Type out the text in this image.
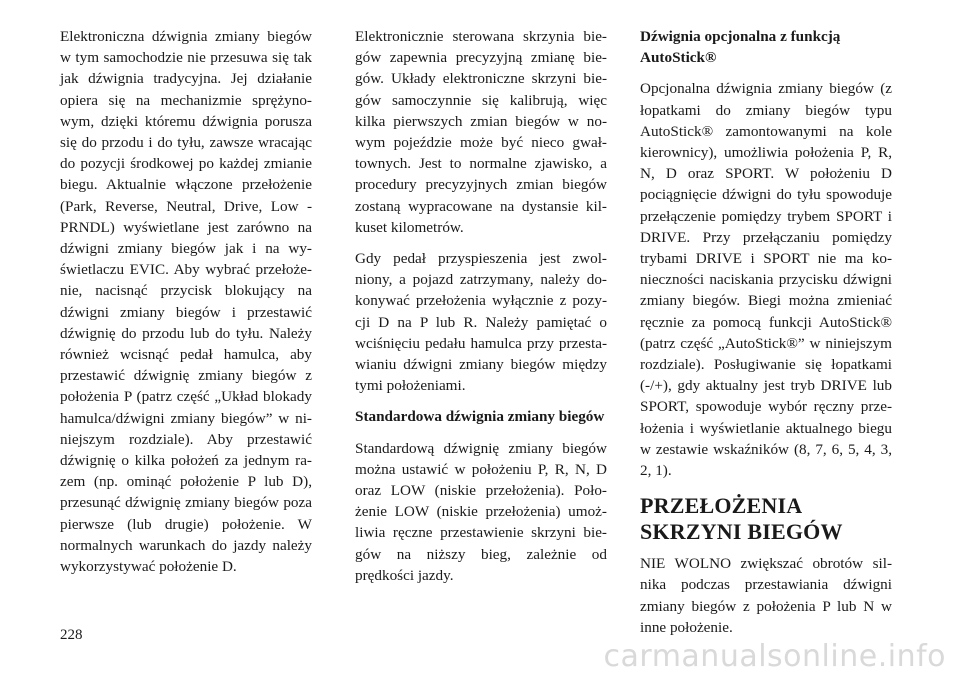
Elektroniczna dźwignia zmiany biegów w tym samochodzie nie przesuwa się tak jak dźwignia tradycyjna. Jej działanie opiera się na mechanizmie sprężyno-wym, dzięki któremu dźwignia porusza się do przodu i do tyłu, zawsze wracając do pozycji środkowej po każdej zmianie biegu. Aktualnie włączone przełożenie (Park, Reverse, Neutral, Drive, Low - PRNDL) wyświetlane jest zarówno na dźwigni zmiany biegów jak i na wy-świetlaczu EVIC. Aby wybrać przełoże-nie, nacisnąć przycisk blokujący na dźwigni zmiany biegów i przestawić dźwignię do przodu lub do tyłu. Należy również wcisnąć pedał hamulca, aby przestawić dźwignię zmiany biegów z położenia P (patrz część „Układ blokady hamulca/dźwigni zmiany biegów” w ni-niejszym rozdziale). Aby przestawić dźwignię o kilka położeń za jednym ra-zem (np. ominąć położenie P lub D), przesunąć dźwignię zmiany biegów poza pierwsze (lub drugie) położenie. W normalnych warunkach do jazdy należy wykorzystywać położenie D.

Elektronicznie sterowana skrzynia bie-gów zapewnia precyzyjną zmianę bie-gów. Układy elektroniczne skrzyni bie-gów samoczynnie się kalibrują, więc kilka pierwszych zmian biegów w no-wym pojeździe może być nieco gwał-townych. Jest to normalne zjawisko, a procedury precyzyjnych zmian biegów zostaną wypracowane na dystansie kil-kuset kilometrów.

Gdy pedał przyspieszenia jest zwol-niony, a pojazd zatrzymany, należy do-konywać przełożenia wyłącznie z pozy-cji D na P lub R. Należy pamiętać o wciśnięciu pedału hamulca przy przesta-wianiu dźwigni zmiany biegów między tymi położeniami.

Standardowa dźwignia zmiany biegów

Standardową dźwignię zmiany biegów można ustawić w położeniu P, R, N, D oraz LOW (niskie przełożenia). Poło-żenie LOW (niskie przełożenia) umoż-liwia ręczne przestawienie skrzyni bie-gów na niższy bieg, zależnie od prędkości jazdy.

Dźwignia opcjonalna z funkcją AutoStick®

Opcjonalna dźwignia zmiany biegów (z łopatkami do zmiany biegów typu AutoStick® zamontowanymi na kole kierownicy), umożliwia położenia P, R, N, D oraz SPORT. W położeniu D pociągnięcie dźwigni do tyłu spowoduje przełączenie pomiędzy trybem SPORT i DRIVE. Przy przełączaniu pomiędzy trybami DRIVE i SPORT nie ma ko-nieczności naciskania przycisku dźwigni zmiany biegów. Biegi można zmieniać ręcznie za pomocą funkcji AutoStick® (patrz część „AutoStick®” w niniejszym rozdziale). Posługiwanie się łopatkami (-/+), gdy aktualny jest tryb DRIVE lub SPORT, spowoduje wybór ręczny prze-łożenia i wyświetlanie aktualnego biegu w zestawie wskaźników (8, 7, 6, 5, 4, 3, 2, 1).

PRZEŁOŻENIA SKRZYNI BIEGÓW

NIE WOLNO zwiększać obrotów sil-nika podczas przestawiania dźwigni zmiany biegów z położenia P lub N w inne położenie.

228
carmanualsonline.info
